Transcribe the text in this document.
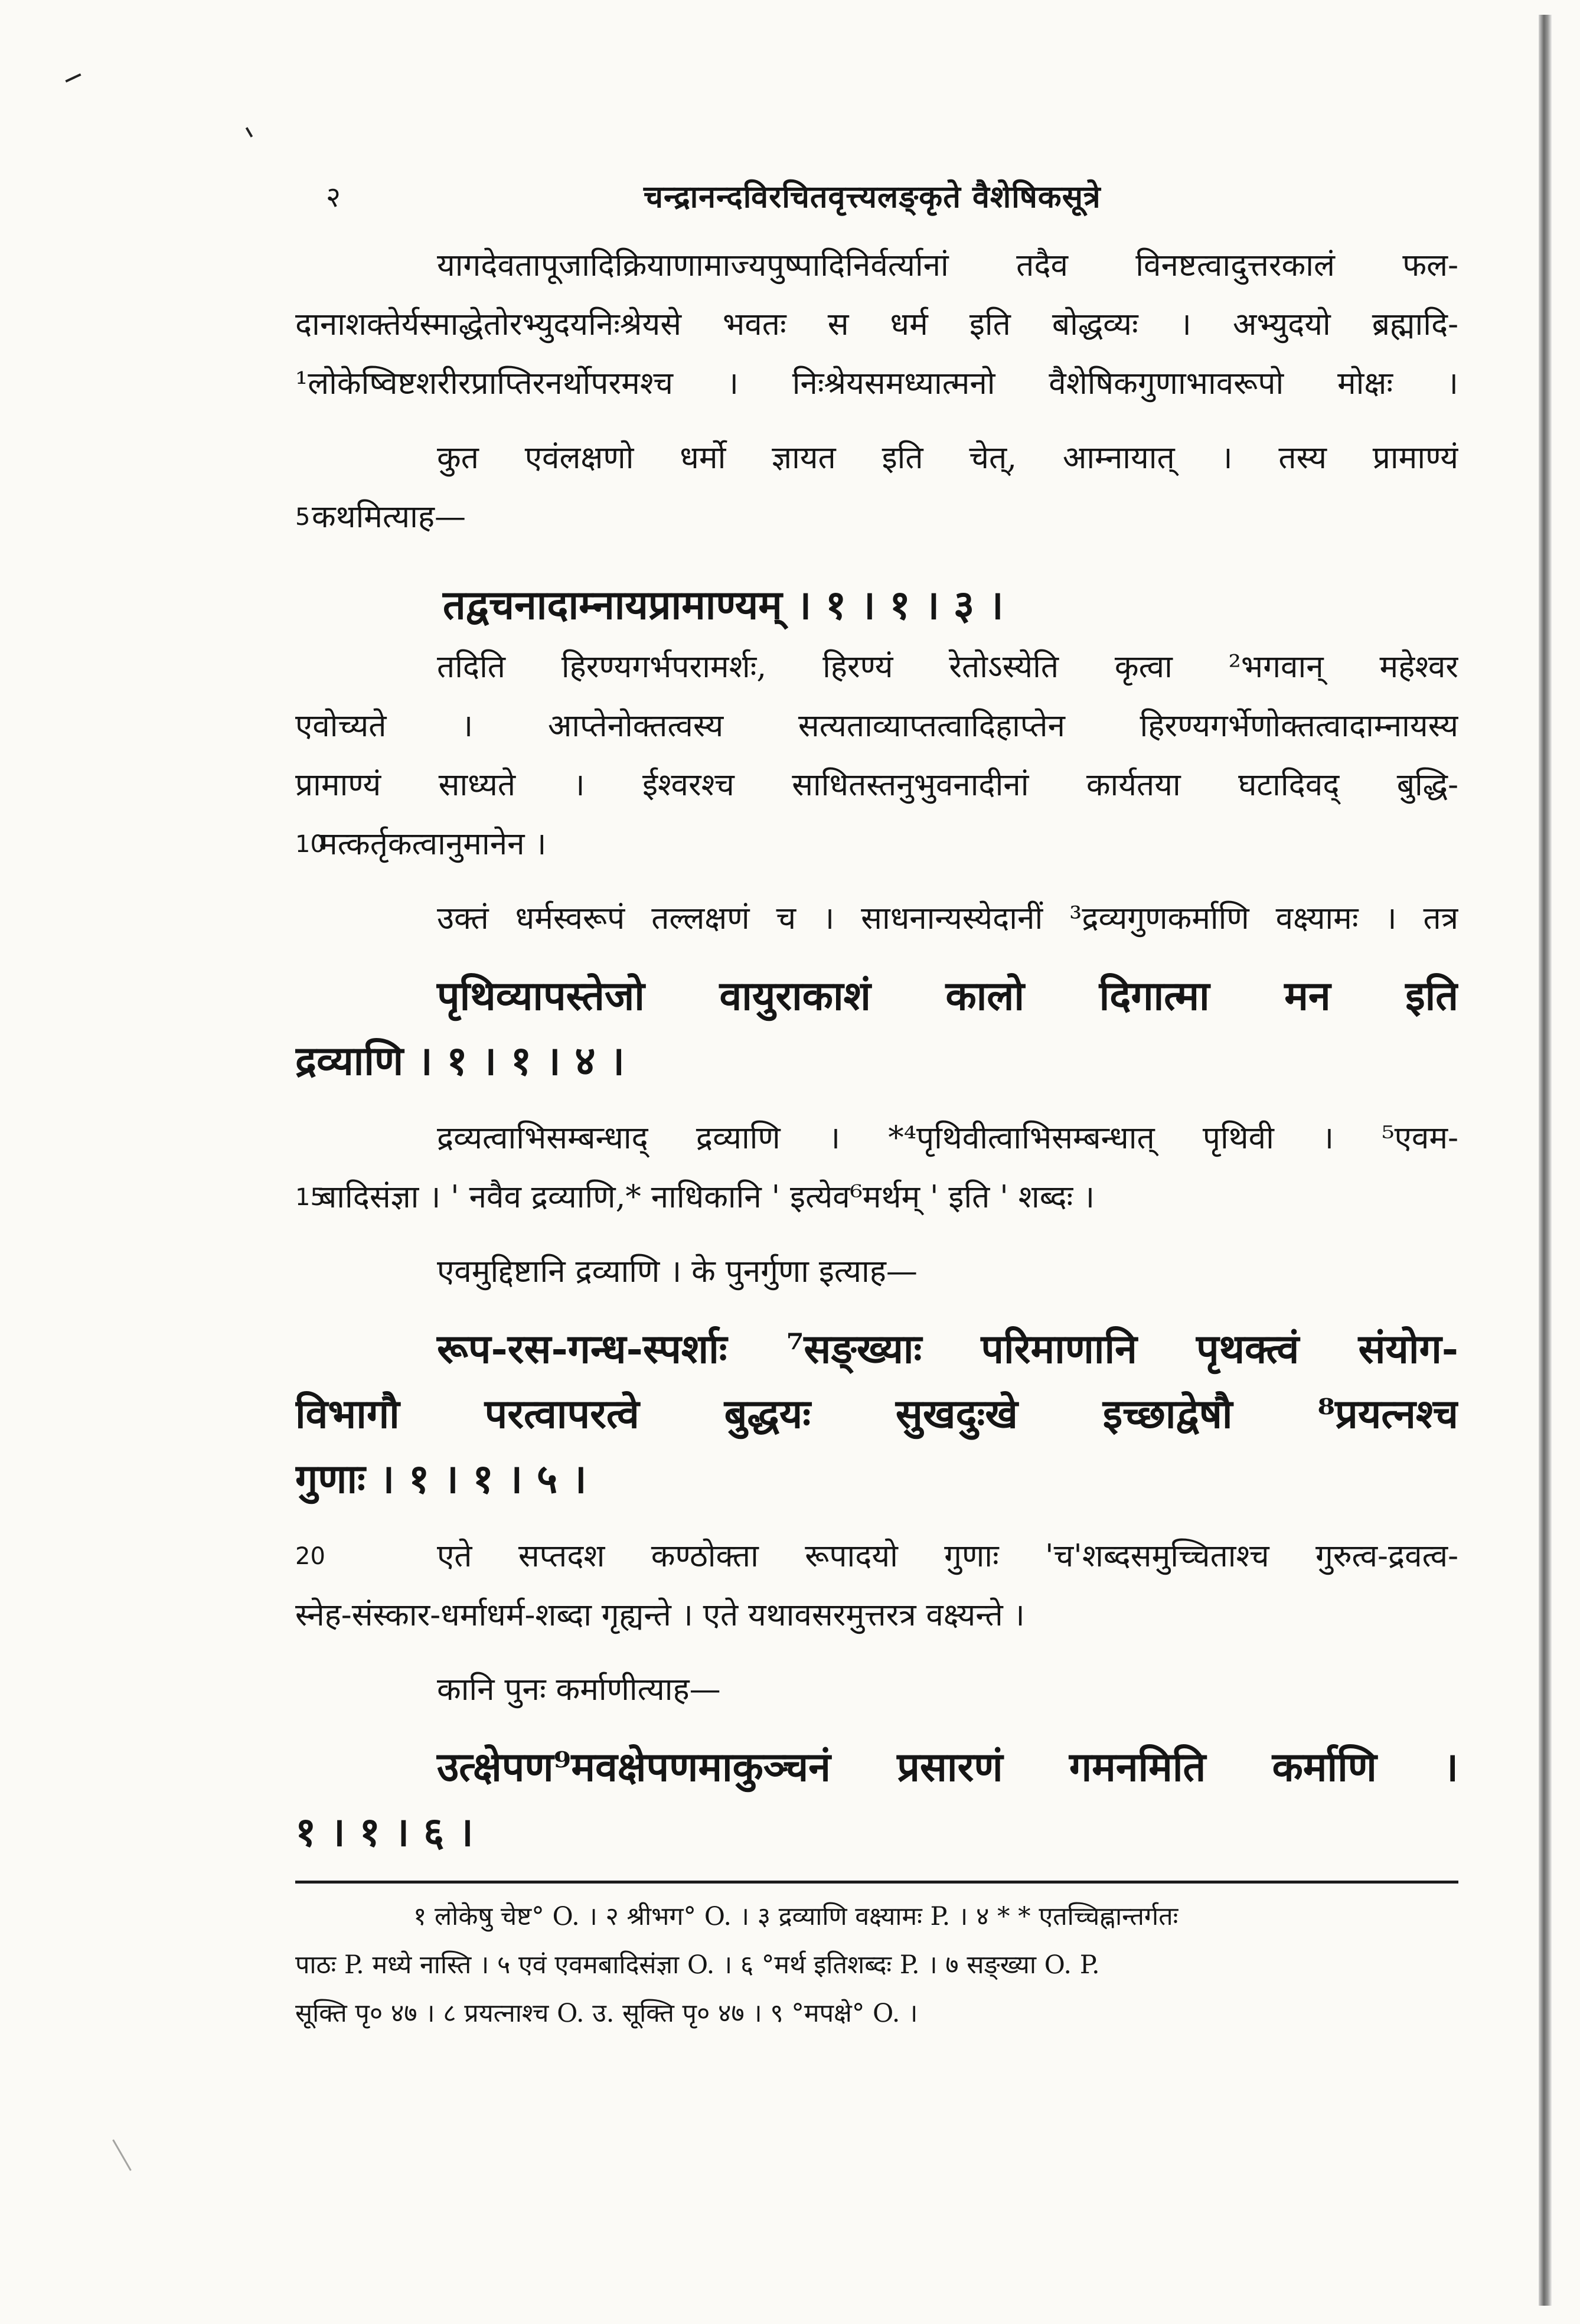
२	चन्द्रानन्दविरचितवृत्त्यलङ्कृते वैशेषिकसूत्रे
यागदेवतापूजादिक्रियाणामाज्यपुष्पादिनिर्वर्त्यानां तदैव विनष्टत्वादुत्तरकालं फल-
दानाशक्तेर्यस्माद्धेतोरभ्युदयनिःश्रेयसे भवतः स धर्म इति बोद्धव्यः । अभ्युदयो ब्रह्मादि-
¹लोकेष्विष्टशरीरप्राप्तिरनर्थोपरमश्च । निःश्रेयसमध्यात्मनो वैशेषिकगुणाभावरूपो मोक्षः ।
कुत एवंलक्षणो धर्मो ज्ञायत इति चेत्, आम्नायात् । तस्य प्रामाण्यं
5 कथमित्याह—
तद्वचनादाम्नायप्रामाण्यम् । १ । १ । ३ ।
तदिति हिरण्यगर्भपरामर्शः, हिरण्यं रेतोऽस्येति कृत्वा ²भगवान् महेश्वर
एवोच्यते । आप्तेनोक्तत्वस्य सत्यताव्याप्तत्वादिहाप्तेन हिरण्यगर्भेणोक्तत्वादाम्नायस्य
प्रामाण्यं साध्यते । ईश्वरश्च साधितस्तनुभुवनादीनां कार्यतया घटादिवद् बुद्धि-
10
मत्कर्तृकत्वानुमानेन ।
उक्तं धर्मस्वरूपं तल्लक्षणं च । साधनान्यस्येदानीं ³द्रव्यगुणकर्माणि वक्ष्यामः । तत्र
पृथिव्यापस्तेजो वायुराकाशं कालो दिगात्मा मन इति
द्रव्याणि । १ । १ । ४ ।
द्रव्यत्वाभिसम्बन्धाद् द्रव्याणि । *⁴पृथिवीत्वाभिसम्बन्धात् पृथिवी । ⁵एवम-
15
बादिसंज्ञा । ' नवैव द्रव्याणि,* नाधिकानि ' इत्येव⁶मर्थम् ' इति ' शब्दः ।
एवमुद्दिष्टानि द्रव्याणि । के पुनर्गुणा इत्याह—
रूप-रस-गन्ध-स्पर्शाः ⁷सङ्ख्याः परिमाणानि पृथक्त्वं संयोग-
विभागौ परत्वापरत्वे बुद्धयः सुखदुःखे इच्छाद्वेषौ ⁸प्रयत्नश्च
गुणाः । १ । १ । ५ ।
20	एते सप्तदश कण्ठोक्ता रूपादयो गुणाः 'च'शब्दसमुच्चिताश्च गुरुत्व-द्रवत्व-
स्नेह-संस्कार-धर्माधर्म-शब्दा गृह्यन्ते । एते यथावसरमुत्तरत्र वक्ष्यन्ते ।
कानि पुनः कर्माणीत्याह—
उत्क्षेपण⁹मवक्षेपणमाकुञ्चनं प्रसारणं गमनमिति कर्माणि ।
१ । १ । ६ ।
१ लोकेषु चेष्ट° O. । २ श्रीभग° O. । ३ द्रव्याणि वक्ष्यामः P. । ४ * * एतच्चिह्नान्तर्गतः
पाठः P. मध्ये नास्ति । ५ एवं एवमबादिसंज्ञा O. । ६ °मर्थ इतिशब्दः P. । ७ सङ्ख्या O. P.
सूक्ति पृ० ४७ । ८ प्रयत्नाश्च O. उ. सूक्ति पृ० ४७ । ९ °मपक्षे° O. ।
